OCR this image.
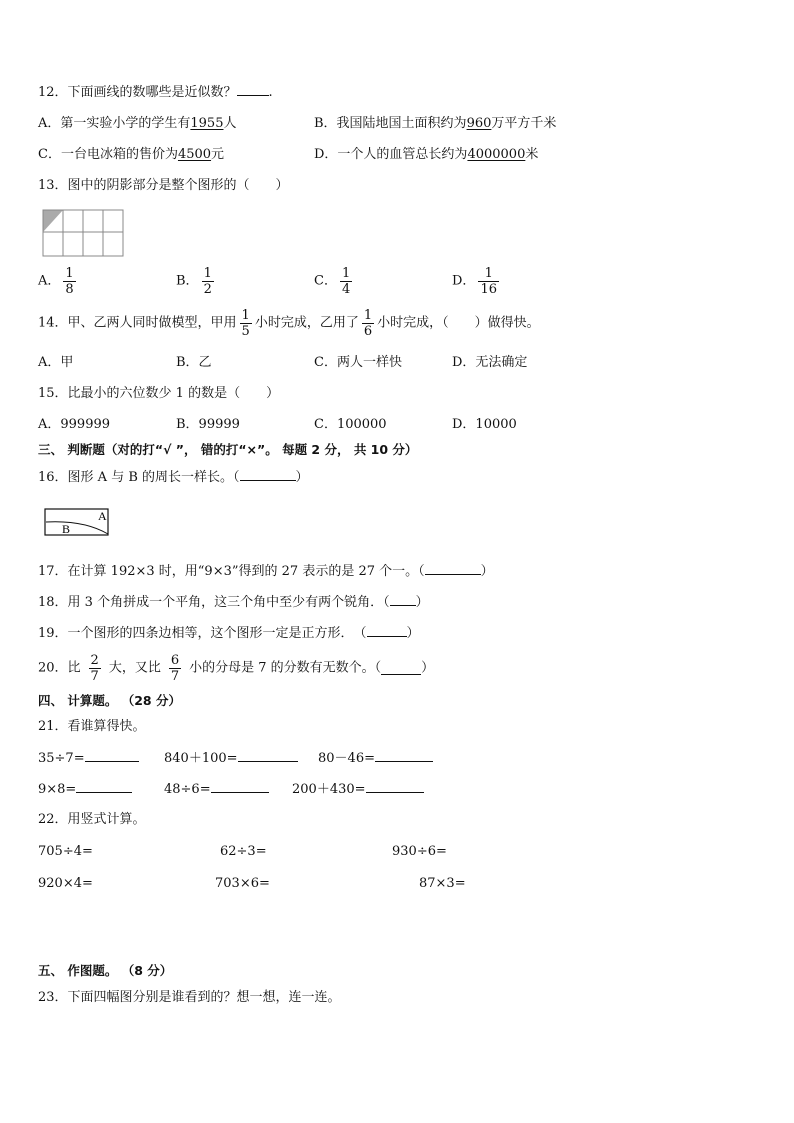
12．下面画线的数哪些是近似数？ .
A．第一实验小学的学生有1955人	B．我国陆地国土面积约为960万平方千米
C．一台电冰箱的售价为4500元	D．一个人的血管总长约为4000000米
13．图中的阴影部分是整个图形的（　　）
A． $\frac{1}{8}$	B． $\frac{1}{2}$	C． $\frac{1}{4}$	D． $\frac{1}{16}$
14．甲、乙两人同时做模型，甲用 $\frac{1}{5}$ 小时完成，乙用了 $\frac{1}{6}$ 小时完成，（　　）做得快。
A．甲	B．乙	C．两人一样快	D．无法确定
15．比最小的六位数少 1 的数是（　　）
A．999999	B．99999	C．100000	D．10000
三、 判断题（对的打“√ ”， 错的打“×”。 每题 2 分， 共 10 分）
16．图形 A 与 B 的周长一样长。（	）
A
B
17．在计算 192×3 时，用“9×3”得到的 27 表示的是 27 个一。（	）
18．用 3 个角拼成一个平角，这三个角中至少有两个锐角．（ ）
19．一个图形的四条边相等，这个图形一定是正方形．　（	）
20．比 $\frac{2}{7}$ 大，又比 $\frac{6}{7}$ 小的分母是 7 的分数有无数个。（	）
四、 计算题。 （28 分）
21．看谁算得快。
35÷7=	840＋100=	80－46=
9×8=	48÷6=	200＋430=
22．用竖式计算。
705÷4=	62÷3=	930÷6=
920×4=	703×6=	87×3=
五、 作图题。 （8 分）
23．下面四幅图分别是谁看到的？想一想，连一连。
